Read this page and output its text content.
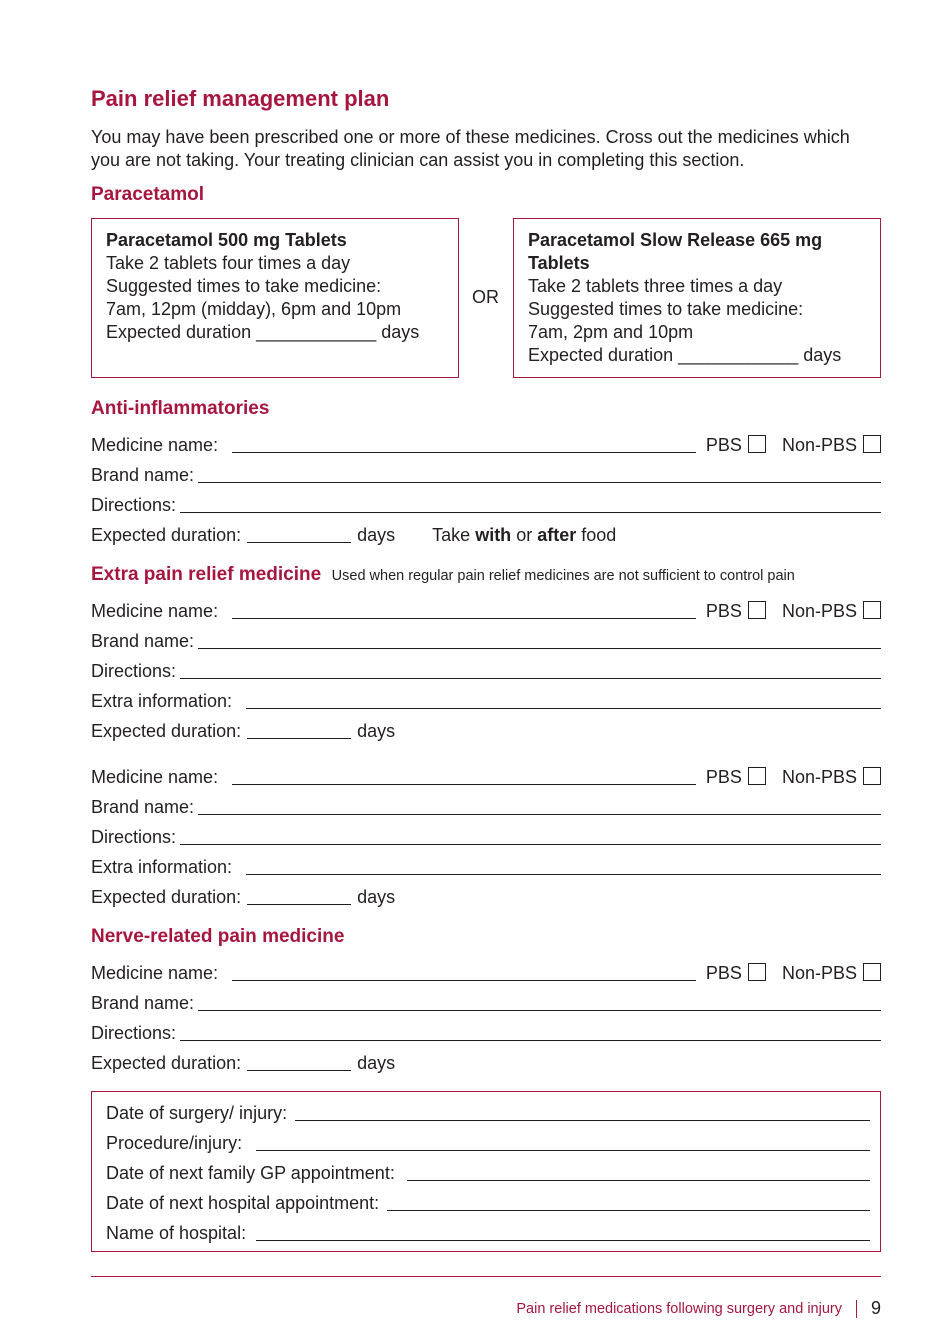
Pain relief management plan
You may have been prescribed one or more of these medicines. Cross out the medicines which you are not taking. Your treating clinician can assist you in completing this section.
Paracetamol
Paracetamol 500 mg Tablets
Take 2 tablets four times a day
Suggested times to take medicine:
7am, 12pm (midday), 6pm and 10pm
Expected duration ____________ days
OR
Paracetamol Slow Release 665 mg Tablets
Take 2 tablets three times a day
Suggested times to take medicine:
7am, 2pm and 10pm
Expected duration ____________ days
Anti-inflammatories
Medicine name:	PBS Non-PBS
Brand name:
Directions:
Expected duration:	days Take with or after food
Extra pain relief medicine Used when regular pain relief medicines are not sufficient to control pain
Medicine name:	PBS Non-PBS
Brand name:
Directions:
Extra information:
Expected duration:	days
Medicine name:	PBS Non-PBS
Brand name:
Directions:
Extra information:
Expected duration:	days
Nerve-related pain medicine
Medicine name:	PBS Non-PBS
Brand name:
Directions:
Expected duration:	days
Date of surgery/ injury:
Procedure/injury:
Date of next family GP appointment:
Date of next hospital appointment:
Name of hospital:
Pain relief medications following surgery and injury 9
